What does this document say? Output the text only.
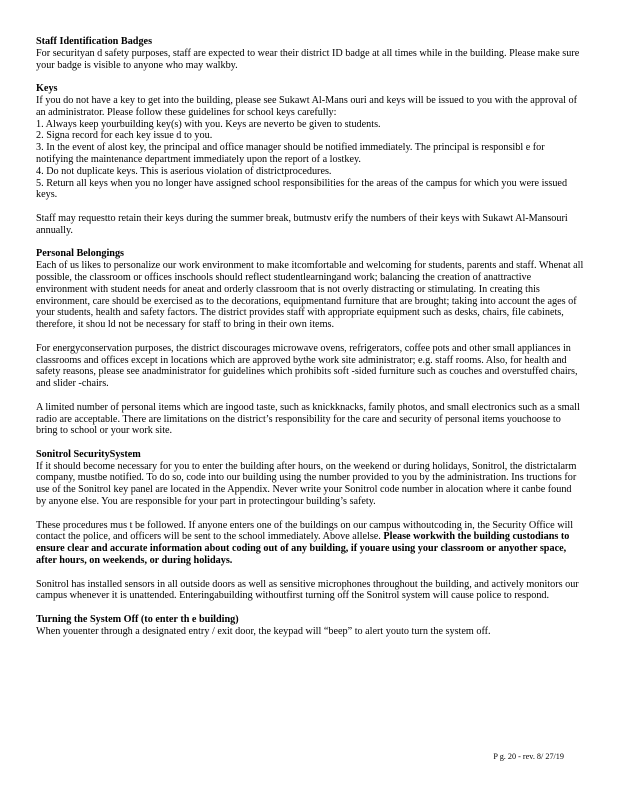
Staff Identification Badges

For securityan d safety purposes, staff are expected to wear their district ID badge at all times while in the building. Please make sure your badge is visible to anyone who may walkby.

Keys

If you do not have a key to get into the building, please see Sukawt Al-Mans ouri and keys will be issued to you with the approval of an administrator. Please follow these guidelines for school keys carefully:

1. Always keep yourbuilding key(s) with you. Keys are neverto be given to students.

2. Signa record for each key issue d to you.

3. In the event of alost key, the principal and office manager should be notified immediately. The principal is responsibl e for notifying the maintenance department immediately upon the report of a lostkey.

4. Do not duplicate keys. This is aserious violation of districtprocedures.

5. Return all keys when you no longer have assigned school responsibilities for the areas of the campus for which you were issued keys.

Staff may requestto retain their keys during the summer break, butmustv erify the numbers of their keys with Sukawt Al-Mansouri annually.

Personal Belongings

Each of us likes to personalize our work environment to make itcomfortable and welcoming for students, parents and staff. Whenat all possible, the classroom or offices inschools should reflect studentlearningand work; balancing the creation of anattractive environment with student needs for aneat and orderly classroom that is not overly distracting or stimulating. In creating this environment, care should be exercised as to the decorations, equipmentand furniture that are brought; taking into account the ages of your students, health and safety factors. The district provides staff with appropriate equipment such as desks, chairs, file cabinets, therefore, it shou ld not be necessary for staff to bring in their own items.

For energyconservation purposes, the district discourages microwave ovens, refrigerators, coffee pots and other small appliances in classrooms and offices except in locations which are approved bythe work site administrator; e.g. staff rooms. Also, for health and safety reasons, please see anadministrator for guidelines which prohibits soft -sided furniture such as couches and overstuffed chairs, and slider -chairs.

A limited number of personal items which are ingood taste, such as knickknacks, family photos, and small electronics such as a small radio are acceptable. There are limitations on the district’s responsibility for the care and security of personal items youchoose to bring to school or your work site.

Sonitrol SecuritySystem

If it should become necessary for you to enter the building after hours, on the weekend or during holidays, Sonitrol, the districtalarm company, mustbe notified. To do so, code into our building using the number provided to you by the administration. Ins tructions for use of the Sonitrol key panel are located in the Appendix. Never write your Sonitrol code number in alocation where it canbe found by anyone else. You are responsible for your part in protectingour building’s safety.

These procedures mus t be followed. If anyone enters one of the buildings on our campus withoutcoding in, the Security Office will contact the police, and officers will be sent to the school immediately. Above allelse. Please workwith the building custodians to ensure clear and accurate information about coding out of any building, if youare using your classroom or anyother space, after hours, on weekends, or during holidays.

Sonitrol has installed sensors in all outside doors as well as sensitive microphones throughout the building, and actively monitors our campus whenever it is unattended. Enteringabuilding withoutfirst turning off the Sonitrol system will cause police to respond.

Turning the System Off (to enter th e building)

When youenter through a designated entry / exit door, the keypad will “beep” to alert youto turn the system off.

P g. 20 - rev. 8/ 27/19
